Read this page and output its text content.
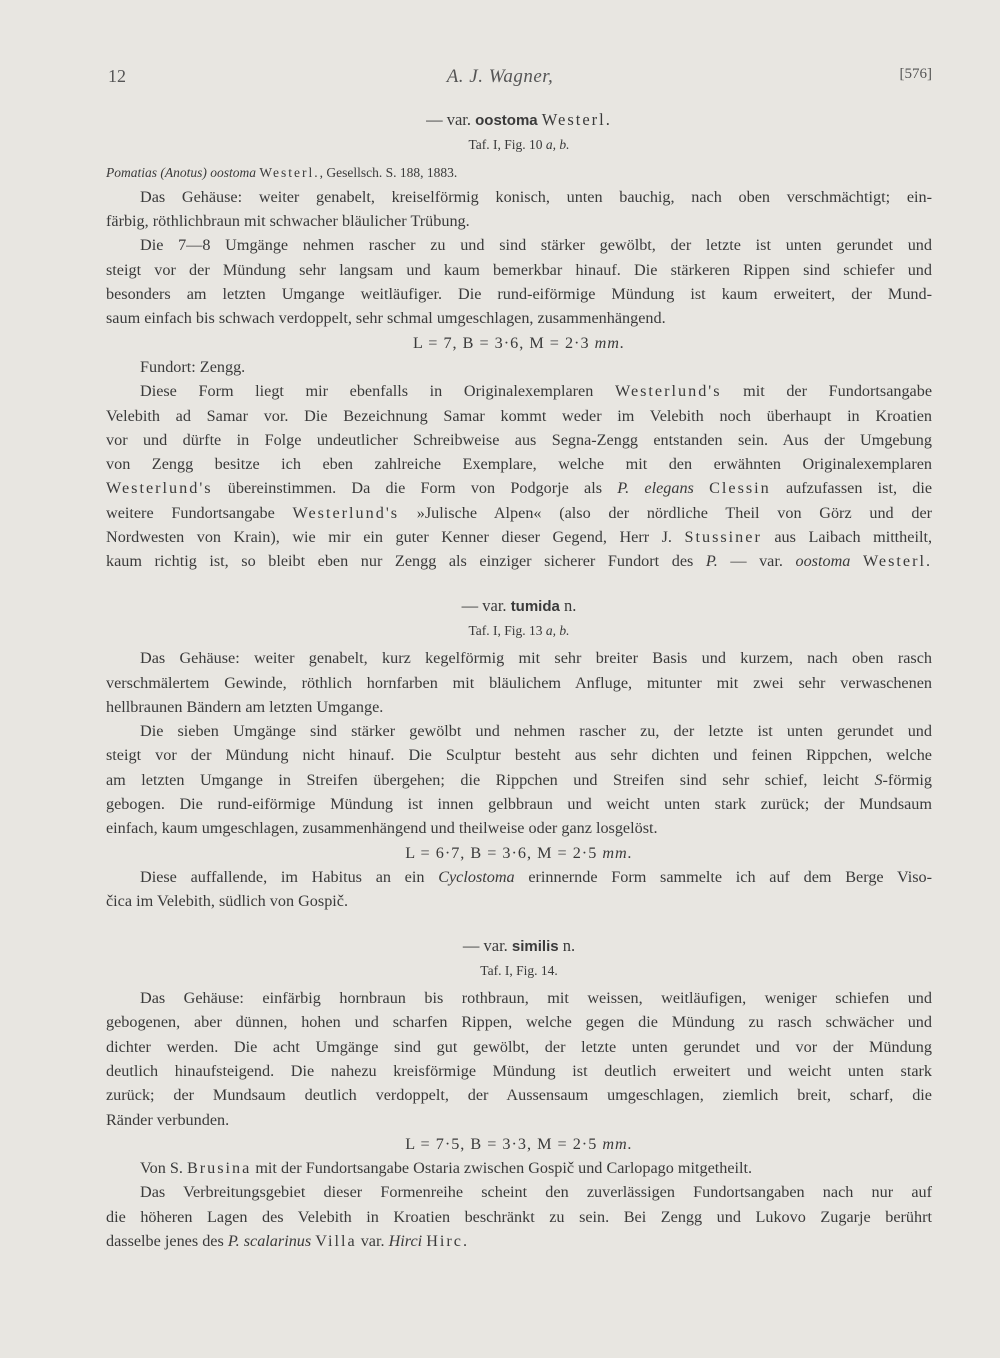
12	A. J. Wagner,	[576]

— var. oostoma Westerl.

Taf. I, Fig. 10 a, b.

Pomatias (Anotus) oostoma Westerl., Gesellsch. S. 188, 1883.

Das Gehäuse: weiter genabelt, kreiselförmig konisch, unten bauchig, nach oben verschmächtigt; ein-

färbig, röthlichbraun mit schwacher bläulicher Trübung.

Die 7—8 Umgänge nehmen rascher zu und sind stärker gewölbt, der letzte ist unten gerundet und

steigt vor der Mündung sehr langsam und kaum bemerkbar hinauf. Die stärkeren Rippen sind schiefer und

besonders am letzten Umgange weitläufiger. Die rund-eiförmige Mündung ist kaum erweitert, der Mund-

saum einfach bis schwach verdoppelt, sehr schmal umgeschlagen, zusammenhängend.

L = 7, B = 3·6, M = 2·3 mm.

Fundort: Zengg.

Diese Form liegt mir ebenfalls in Originalexemplaren Westerlund's mit der Fundortsangabe

Velebith ad Samar vor. Die Bezeichnung Samar kommt weder im Velebith noch überhaupt in Kroatien

vor und dürfte in Folge undeutlicher Schreibweise aus Segna-Zengg entstanden sein. Aus der Umgebung

von Zengg besitze ich eben zahlreiche Exemplare, welche mit den erwähnten Originalexemplaren

Westerlund's übereinstimmen. Da die Form von Podgorje als P. elegans Clessin aufzufassen ist, die

weitere Fundortsangabe Westerlund's »Julische Alpen« (also der nördliche Theil von Görz und der

Nordwesten von Krain), wie mir ein guter Kenner dieser Gegend, Herr J. Stussiner aus Laibach mittheilt,

kaum richtig ist, so bleibt eben nur Zengg als einziger sicherer Fundort des P. — var. oostoma Westerl.

— var. tumida n.

Taf. I, Fig. 13 a, b.

Das Gehäuse: weiter genabelt, kurz kegelförmig mit sehr breiter Basis und kurzem, nach oben rasch

verschmälertem Gewinde, röthlich hornfarben mit bläulichem Anfluge, mitunter mit zwei sehr verwaschenen

hellbraunen Bändern am letzten Umgange.

Die sieben Umgänge sind stärker gewölbt und nehmen rascher zu, der letzte ist unten gerundet und

steigt vor der Mündung nicht hinauf. Die Sculptur besteht aus sehr dichten und feinen Rippchen, welche

am letzten Umgange in Streifen übergehen; die Rippchen und Streifen sind sehr schief, leicht S-förmig

gebogen. Die rund-eiförmige Mündung ist innen gelbbraun und weicht unten stark zurück; der Mundsaum

einfach, kaum umgeschlagen, zusammenhängend und theilweise oder ganz losgelöst.

L = 6·7, B = 3·6, M = 2·5 mm.

Diese auffallende, im Habitus an ein Cyclostoma erinnernde Form sammelte ich auf dem Berge Viso-

čica im Velebith, südlich von Gospič.

— var. similis n.

Taf. I, Fig. 14.

Das Gehäuse: einfärbig hornbraun bis rothbraun, mit weissen, weitläufigen, weniger schiefen und

gebogenen, aber dünnen, hohen und scharfen Rippen, welche gegen die Mündung zu rasch schwächer und

dichter werden. Die acht Umgänge sind gut gewölbt, der letzte unten gerundet und vor der Mündung

deutlich hinaufsteigend. Die nahezu kreisförmige Mündung ist deutlich erweitert und weicht unten stark

zurück; der Mundsaum deutlich verdoppelt, der Aussensaum umgeschlagen, ziemlich breit, scharf, die

Ränder verbunden.

L = 7·5, B = 3·3, M = 2·5 mm.

Von S. Brusina mit der Fundortsangabe Ostaria zwischen Gospič und Carlopago mitgetheilt.

Das Verbreitungsgebiet dieser Formenreihe scheint den zuverlässigen Fundortsangaben nach nur auf

die höheren Lagen des Velebith in Kroatien beschränkt zu sein. Bei Zengg und Lukovo Zugarje berührt

dasselbe jenes des P. scalarinus Villa var. Hirci Hirc.
